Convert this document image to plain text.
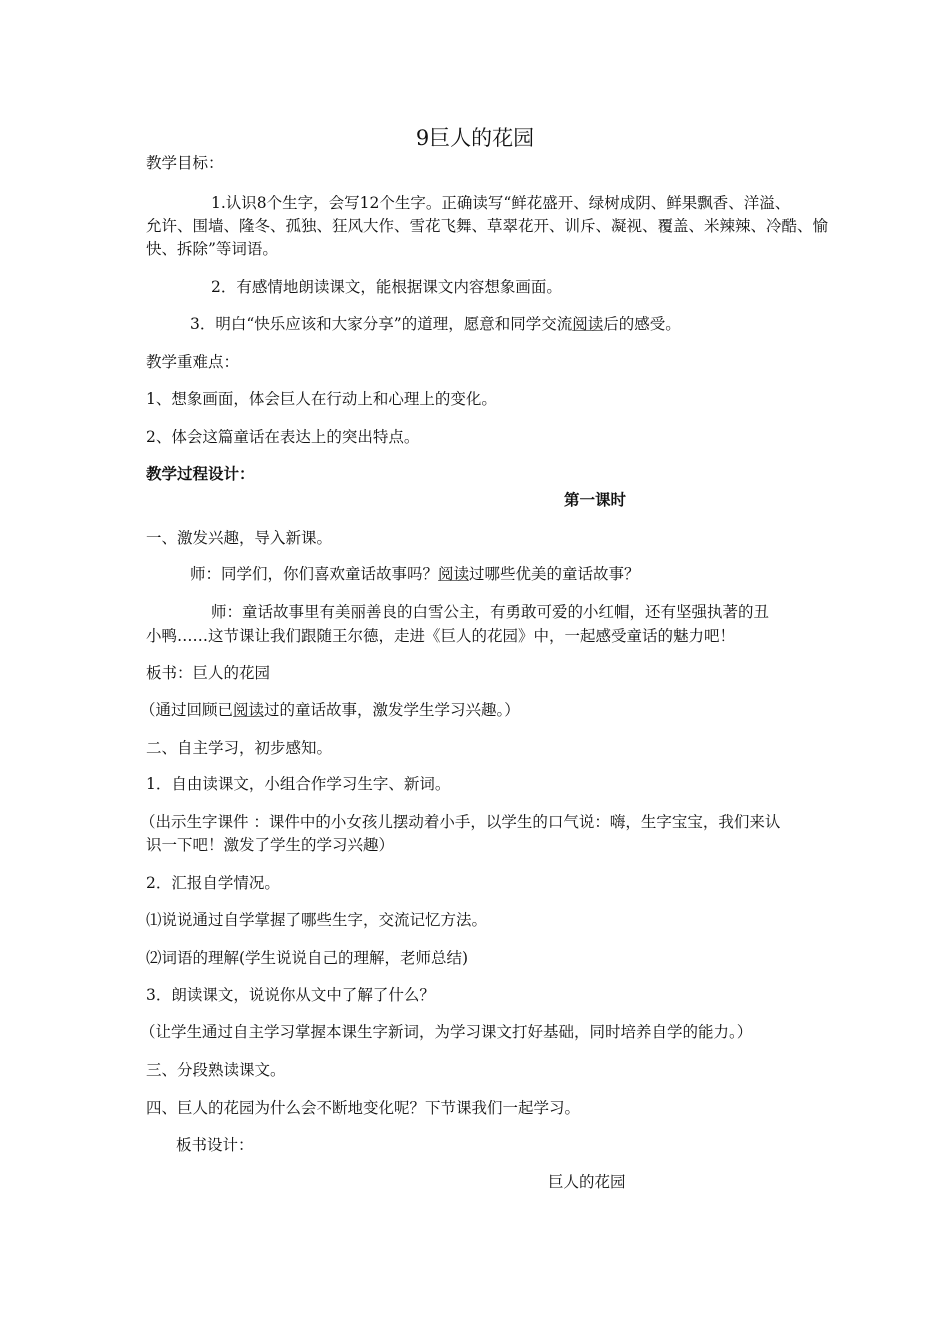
9巨人的花园

教学目标：

1.认识8个生字，会写12个生字。正确读写“鲜花盛开、绿树成阴、鲜果飘香、洋溢、

允许、围墙、隆冬、孤独、狂风大作、雪花飞舞、草翠花开、训斥、凝视、覆盖、米辣辣、冷酷、愉

快、拆除”等词语。

2．有感情地朗读课文，能根据课文内容想象画面。

3．明白“快乐应该和大家分享”的道理，愿意和同学交流阅读后的感受。

教学重难点：

1、想象画面，体会巨人在行动上和心理上的变化。

2、体会这篇童话在表达上的突出特点。

教学过程设计：

第一课时

一、激发兴趣，导入新课。

师：同学们，你们喜欢童话故事吗？阅读过哪些优美的童话故事？

师：童话故事里有美丽善良的白雪公主，有勇敢可爱的小红帽，还有坚强执著的丑

小鸭……这节课让我们跟随王尔德，走进《巨人的花园》中，一起感受童话的魅力吧！

板书：巨人的花园

（通过回顾已阅读过的童话故事，激发学生学习兴趣。）

二、自主学习，初步感知。

1．自由读课文，小组合作学习生字、新词。

（出示生字课件 ：课件中的小女孩儿摆动着小手，以学生的口气说：嗨，生字宝宝，我们来认

识一下吧！激发了学生的学习兴趣）

2．汇报自学情况。

⑴说说通过自学掌握了哪些生字，交流记忆方法。

⑵词语的理解(学生说说自己的理解，老师总结)

3．朗读课文，说说你从文中了解了什么？

（让学生通过自主学习掌握本课生字新词，为学习课文打好基础，同时培养自学的能力。）

三、分段熟读课文。

四、巨人的花园为什么会不断地变化呢？下节课我们一起学习。

板书设计：

巨人的花园
